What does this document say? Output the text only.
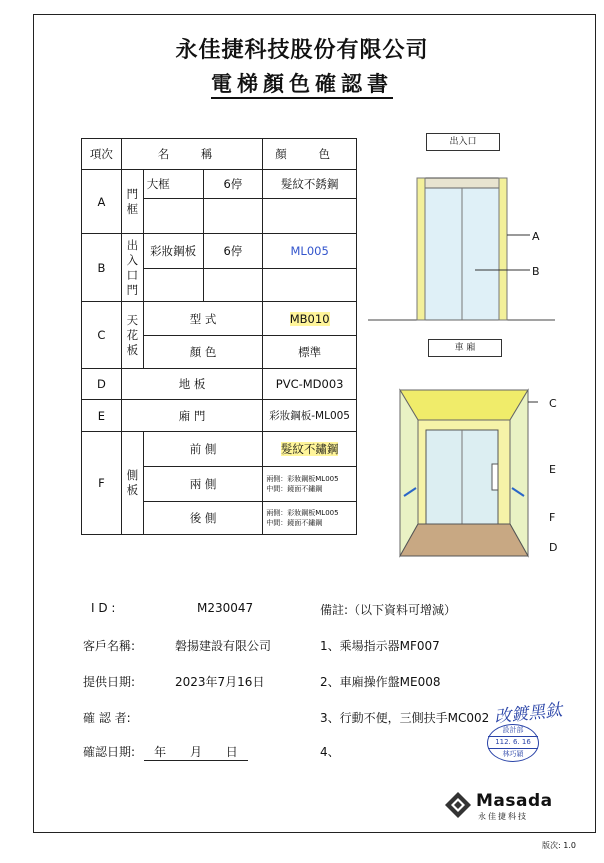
永佳捷科技股份有限公司
電梯顏色確認書
項次	名 稱			顏 色
A	門框	大框	6停	髮紋不銹鋼

B	出入口門	彩妝鋼板	6停	ML005

C	天花板	型 式		MB010
		顏 色		標準
D	地 板			PVC-MD003
E	廂 門			彩妝鋼板-ML005
F	側板	前 側		髮紋不鏽鋼
		兩 側		兩側：彩妝鋼板ML005
中間：鏡面不鏽鋼

		後 側		兩側：彩妝鋼板ML005
中間：鏡面不鏽鋼
出入口
A
B
車 廂
C
E
F
D
I D :	M230047
客戶名稱:	磐揚建設有限公司
提供日期:	2023年7月16日
確 認 者:
確認日期:	年 月 日
備註:（以下資料可增減）
1、乘場指示器MF007
2、車廂操作盤ME008
3、行動不便，三側扶手MC002
4、
改鍍黑鈦
設計部
112. 6. 16
林巧穎
Masada
永佳捷科技
版次: 1.0
